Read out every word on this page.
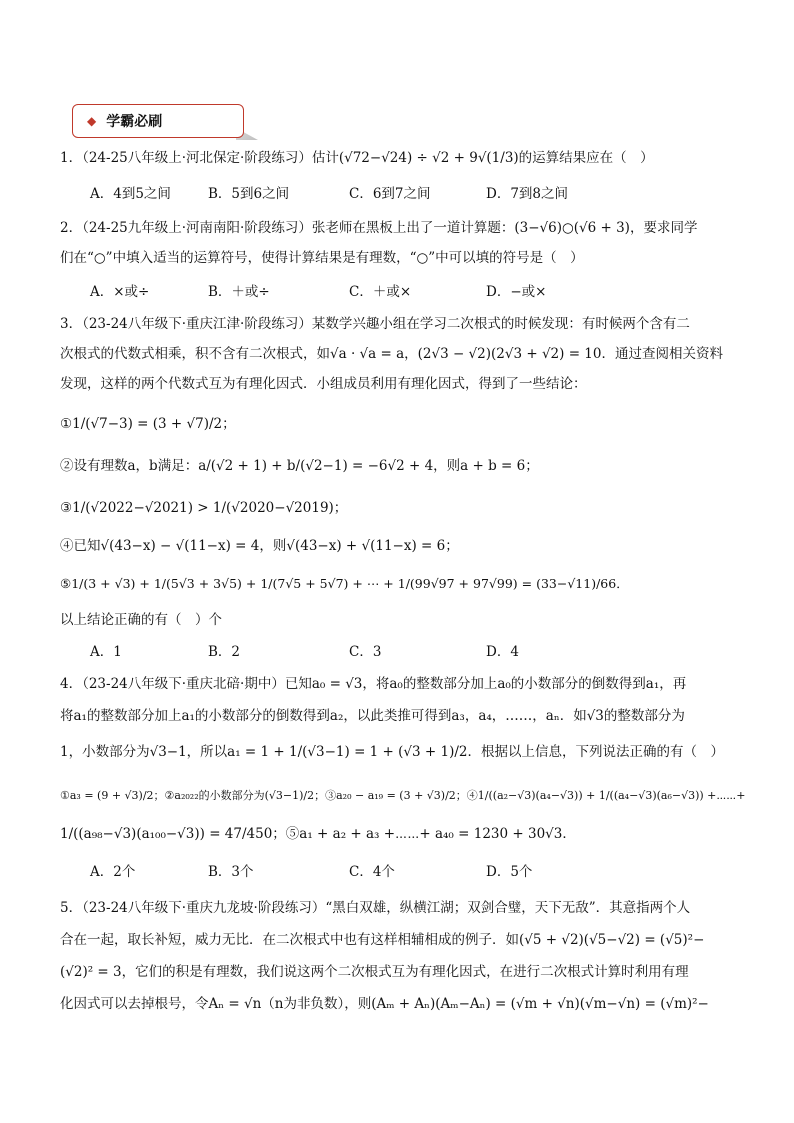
◆ 学霸必刷
1．（24-25八年级上·河北保定·阶段练习）估计(√72−√24) ÷ √2 + 9√(1/3)的运算结果应在（　）
A．4到5之间	B．5到6之间	C．6到7之间	D．7到8之间
2．（24-25九年级上·河南南阳·阶段练习）张老师在黑板上出了一道计算题：(3−√6)○(√6 + 3)，要求同学
们在“○”中填入适当的运算符号，使得计算结果是有理数，“○”中可以填的符号是（　）
A．×或÷	B．＋或÷	C．＋或×	D．−或×
3．（23-24八年级下·重庆江津·阶段练习）某数学兴趣小组在学习二次根式的时候发现：有时候两个含有二
次根式的代数式相乘，积不含有二次根式，如√a · √a = a，(2√3 − √2)(2√3 + √2) = 10．通过查阅相关资料
发现，这样的两个代数式互为有理化因式．小组成员利用有理化因式，得到了一些结论：
①1/(√7−3) = (3 + √7)/2；
②设有理数a，b满足：a/(√2 + 1) + b/(√2−1) = −6√2 + 4，则a + b = 6；
③1/(√2022−√2021) > 1/(√2020−√2019)；
④已知√(43−x) − √(11−x) = 4，则√(43−x) + √(11−x) = 6；
⑤1/(3 + √3) + 1/(5√3 + 3√5) + 1/(7√5 + 5√7) + ⋯ + 1/(99√97 + 97√99) = (33−√11)/66．
以上结论正确的有（　）个
A．1	B．2	C．3	D．4
4．（23-24八年级下·重庆北碚·期中）已知a₀ = √3，将a₀的整数部分加上a₀的小数部分的倒数得到a₁，再
将a₁的整数部分加上a₁的小数部分的倒数得到a₂，以此类推可得到a₃，a₄，……，aₙ．如√3的整数部分为
1，小数部分为√3−1，所以a₁ = 1 + 1/(√3−1) = 1 + (√3 + 1)/2．根据以上信息，下列说法正确的有（　）
①a₃ = (9 + √3)/2；②a₂₀₂₂的小数部分为(√3−1)/2；③a₂₀ − a₁₉ = (3 + √3)/2；④1/((a₂−√3)(a₄−√3)) + 1/((a₄−√3)(a₆−√3)) +⋯⋯+
1/((a₉₈−√3)(a₁₀₀−√3)) = 47/450；⑤a₁ + a₂ + a₃ +⋯⋯+ a₄₀ = 1230 + 30√3．
A．2个	B．3个	C．4个	D．5个
5．（23-24八年级下·重庆九龙坡·阶段练习）“黑白双雄，纵横江湖；双剑合璧，天下无敌”．其意指两个人
合在一起，取长补短，威力无比．在二次根式中也有这样相辅相成的例子．如(√5 + √2)(√5−√2) = (√5)²−
(√2)² = 3，它们的积是有理数，我们说这两个二次根式互为有理化因式，在进行二次根式计算时利用有理
化因式可以去掉根号，令Aₙ = √n（n为非负数），则(Aₘ + Aₙ)(Aₘ−Aₙ) = (√m + √n)(√m−√n) = (√m)²−
